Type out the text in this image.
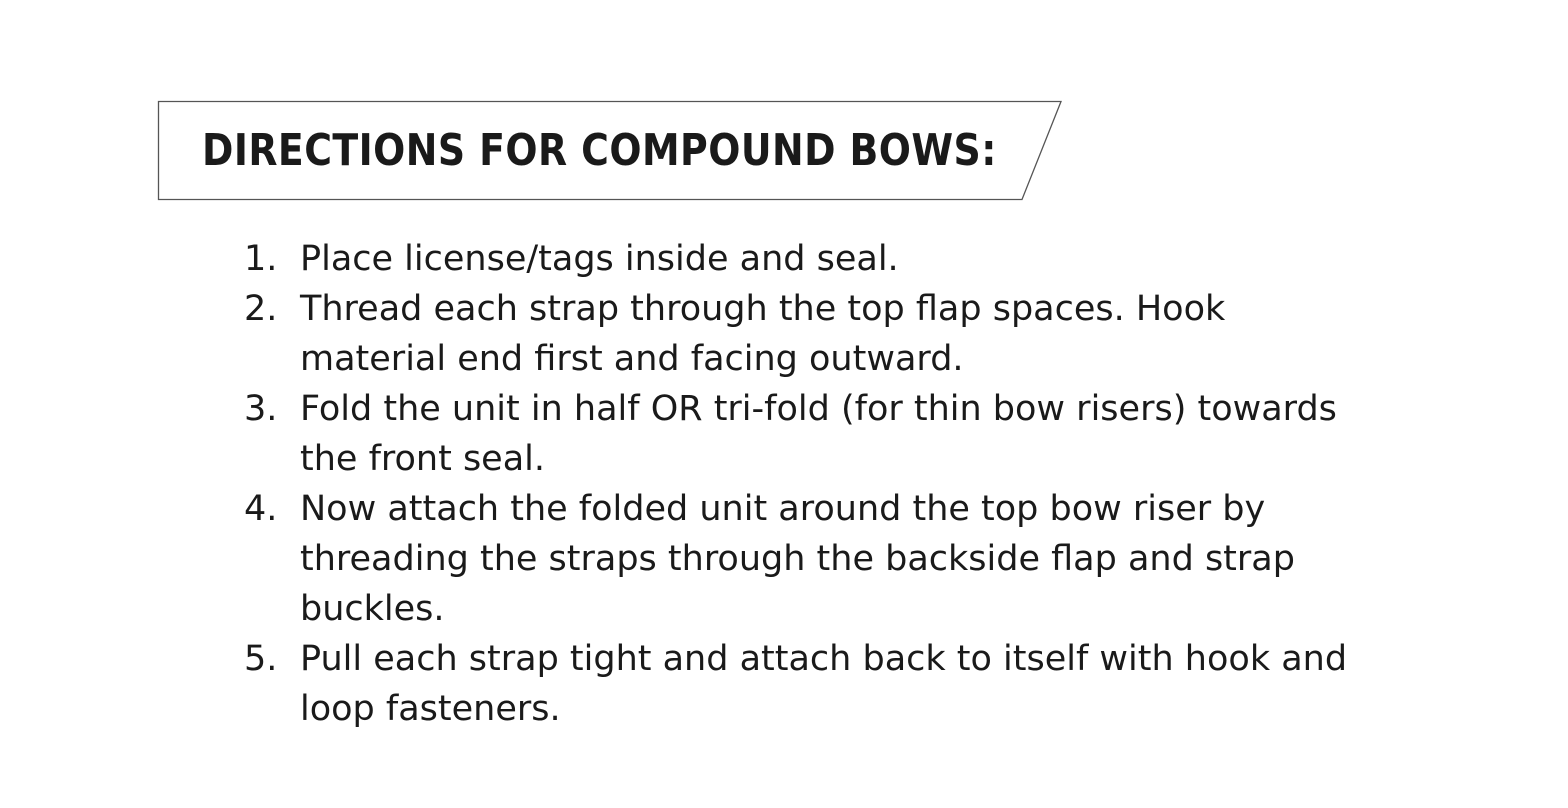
DIRECTIONS FOR COMPOUND BOWS:
1. Place license/tags inside and seal.
2. Thread each strap through the top flap spaces. Hook
material end first and facing outward.
3. Fold the unit in half OR tri-fold (for thin bow risers) towards
the front seal.
4. Now attach the folded unit around the top bow riser by
threading the straps through the backside flap and strap
buckles.
5. Pull each strap tight and attach back to itself with hook and
loop fasteners.
